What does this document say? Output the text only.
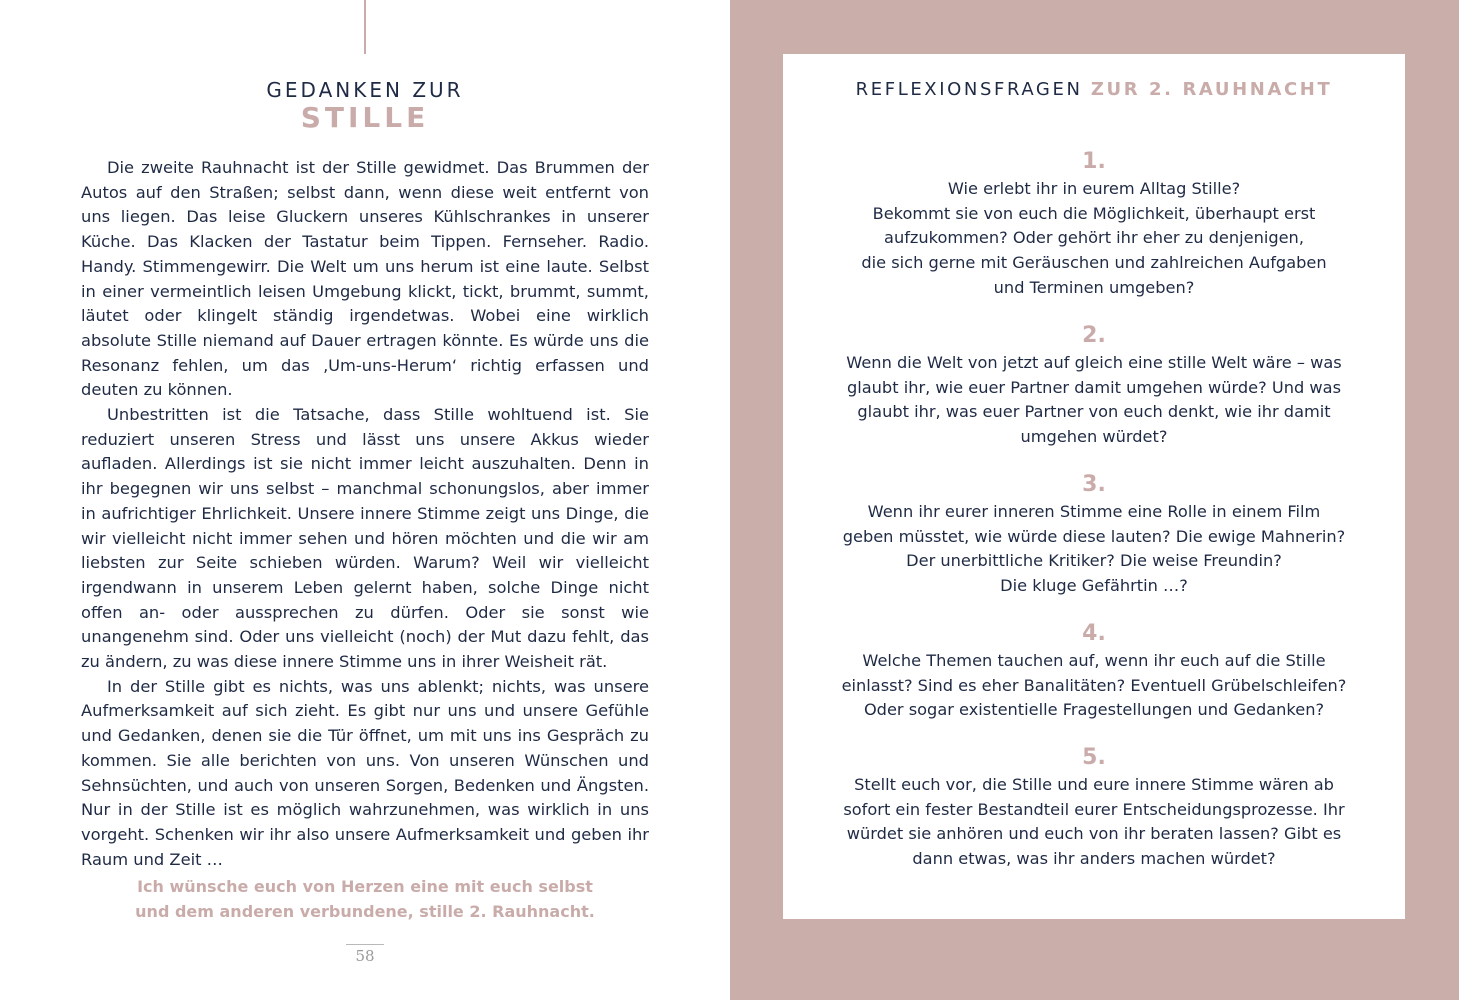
GEDANKEN ZUR
STILLE

Die zweite Rauhnacht ist der Stille gewidmet. Das Brummen der Autos auf den Straßen; selbst dann, wenn diese weit entfernt von uns liegen. Das leise Gluckern unseres Kühlschrankes in unserer Küche. Das Klacken der Tastatur beim Tippen. Fernseher. Radio. Handy. Stimmengewirr. Die Welt um uns herum ist eine laute. Selbst in einer vermeintlich leisen Umgebung klickt, tickt, brummt, summt, läutet oder klingelt ständig irgendetwas. Wobei eine wirklich absolute Stille niemand auf Dauer ertragen könnte. Es würde uns die Resonanz fehlen, um das ‚Um-uns-Herum‘ richtig erfassen und deuten zu können.

Unbestritten ist die Tatsache, dass Stille wohltuend ist. Sie reduziert unseren Stress und lässt uns unsere Akkus wieder aufladen. Allerdings ist sie nicht immer leicht auszuhalten. Denn in ihr begegnen wir uns selbst – manchmal schonungslos, aber immer in aufrichtiger Ehrlichkeit. Unsere innere Stimme zeigt uns Dinge, die wir vielleicht nicht immer sehen und hören möchten und die wir am liebsten zur Seite schieben würden. Warum? Weil wir vielleicht irgendwann in unserem Leben gelernt haben, solche Dinge nicht offen an- oder aussprechen zu dürfen. Oder sie sonst wie unangenehm sind. Oder uns vielleicht (noch) der Mut dazu fehlt, das zu ändern, zu was diese innere Stimme uns in ihrer Weisheit rät.

In der Stille gibt es nichts, was uns ablenkt; nichts, was unsere Aufmerksamkeit auf sich zieht. Es gibt nur uns und unsere Gefühle und Gedanken, denen sie die Tür öffnet, um mit uns ins Gespräch zu kommen. Sie alle berichten von uns. Von unseren Wünschen und Sehnsüchten, und auch von unseren Sorgen, Bedenken und Ängsten. Nur in der Stille ist es möglich wahrzunehmen, was wirklich in uns vorgeht. Schenken wir ihr also unsere Aufmerksamkeit und geben ihr Raum und Zeit …

Ich wünsche euch von Herzen eine mit euch selbst
und dem anderen verbundene, stille 2. Rauhnacht.
58
REFLEXIONSFRAGEN ZUR 2. RAUHNACHT
1.
Wie erlebt ihr in eurem Alltag Stille?
Bekommt sie von euch die Möglichkeit, überhaupt erst
aufzukommen? Oder gehört ihr eher zu denjenigen,
die sich gerne mit Geräuschen und zahlreichen Aufgaben
und Terminen umgeben?
2.
Wenn die Welt von jetzt auf gleich eine stille Welt wäre – was
glaubt ihr, wie euer Partner damit umgehen würde? Und was
glaubt ihr, was euer Partner von euch denkt, wie ihr damit
umgehen würdet?
3.
Wenn ihr eurer inneren Stimme eine Rolle in einem Film
geben müsstet, wie würde diese lauten? Die ewige Mahnerin?
Der unerbittliche Kritiker? Die weise Freundin?
Die kluge Gefährtin …?
4.
Welche Themen tauchen auf, wenn ihr euch auf die Stille
einlasst? Sind es eher Banalitäten? Eventuell Grübelschleifen?
Oder sogar existentielle Fragestellungen und Gedanken?
5.
Stellt euch vor, die Stille und eure innere Stimme wären ab
sofort ein fester Bestandteil eurer Entscheidungsprozesse. Ihr
würdet sie anhören und euch von ihr beraten lassen? Gibt es
dann etwas, was ihr anders machen würdet?
